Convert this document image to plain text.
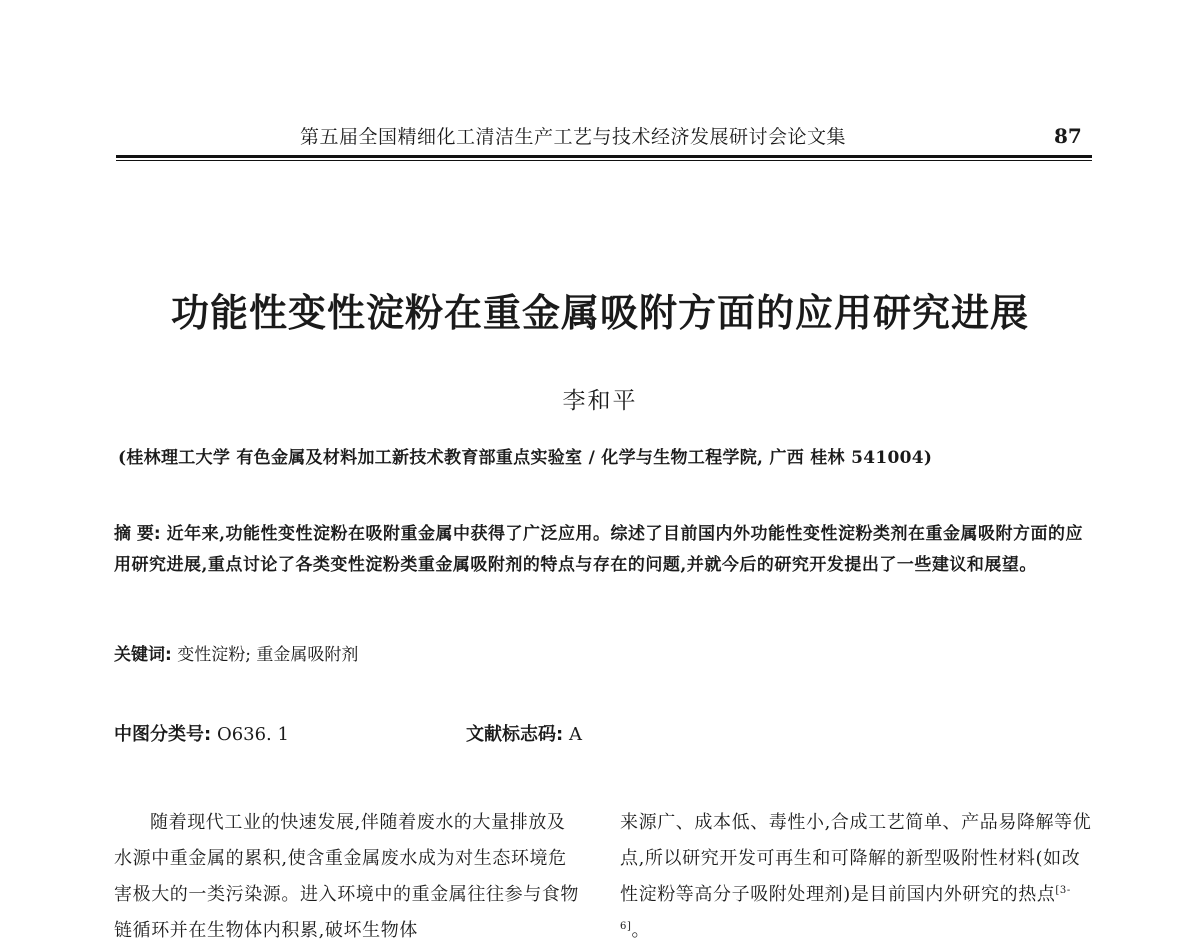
第五届全国精细化工清洁生产工艺与技术经济发展研讨会论文集	87
功能性变性淀粉在重金属吸附方面的应用研究进展
李和平
(桂林理工大学 有色金属及材料加工新技术教育部重点实验室 / 化学与生物工程学院, 广西 桂林 541004)
摘 要: 近年来,功能性变性淀粉在吸附重金属中获得了广泛应用。综述了目前国内外功能性变性淀粉类剂在重金属吸附方面的应用研究进展,重点讨论了各类变性淀粉类重金属吸附剂的特点与存在的问题,并就今后的研究开发提出了一些建议和展望。
关键词: 变性淀粉; 重金属吸附剂
中图分类号: O636. 1	文献标志码: A
随着现代工业的快速发展,伴随着废水的大量排放及水源中重金属的累积,使含重金属废水成为对生态环境危害极大的一类污染源。进入环境中的重金属往往参与食物链循环并在生物体内积累,破坏生物体
来源广、成本低、毒性小,合成工艺简单、产品易降解等优点,所以研究开发可再生和可降解的新型吸附性材料(如改性淀粉等高分子吸附处理剂)是目前国内外研究的热点[3-6]。
